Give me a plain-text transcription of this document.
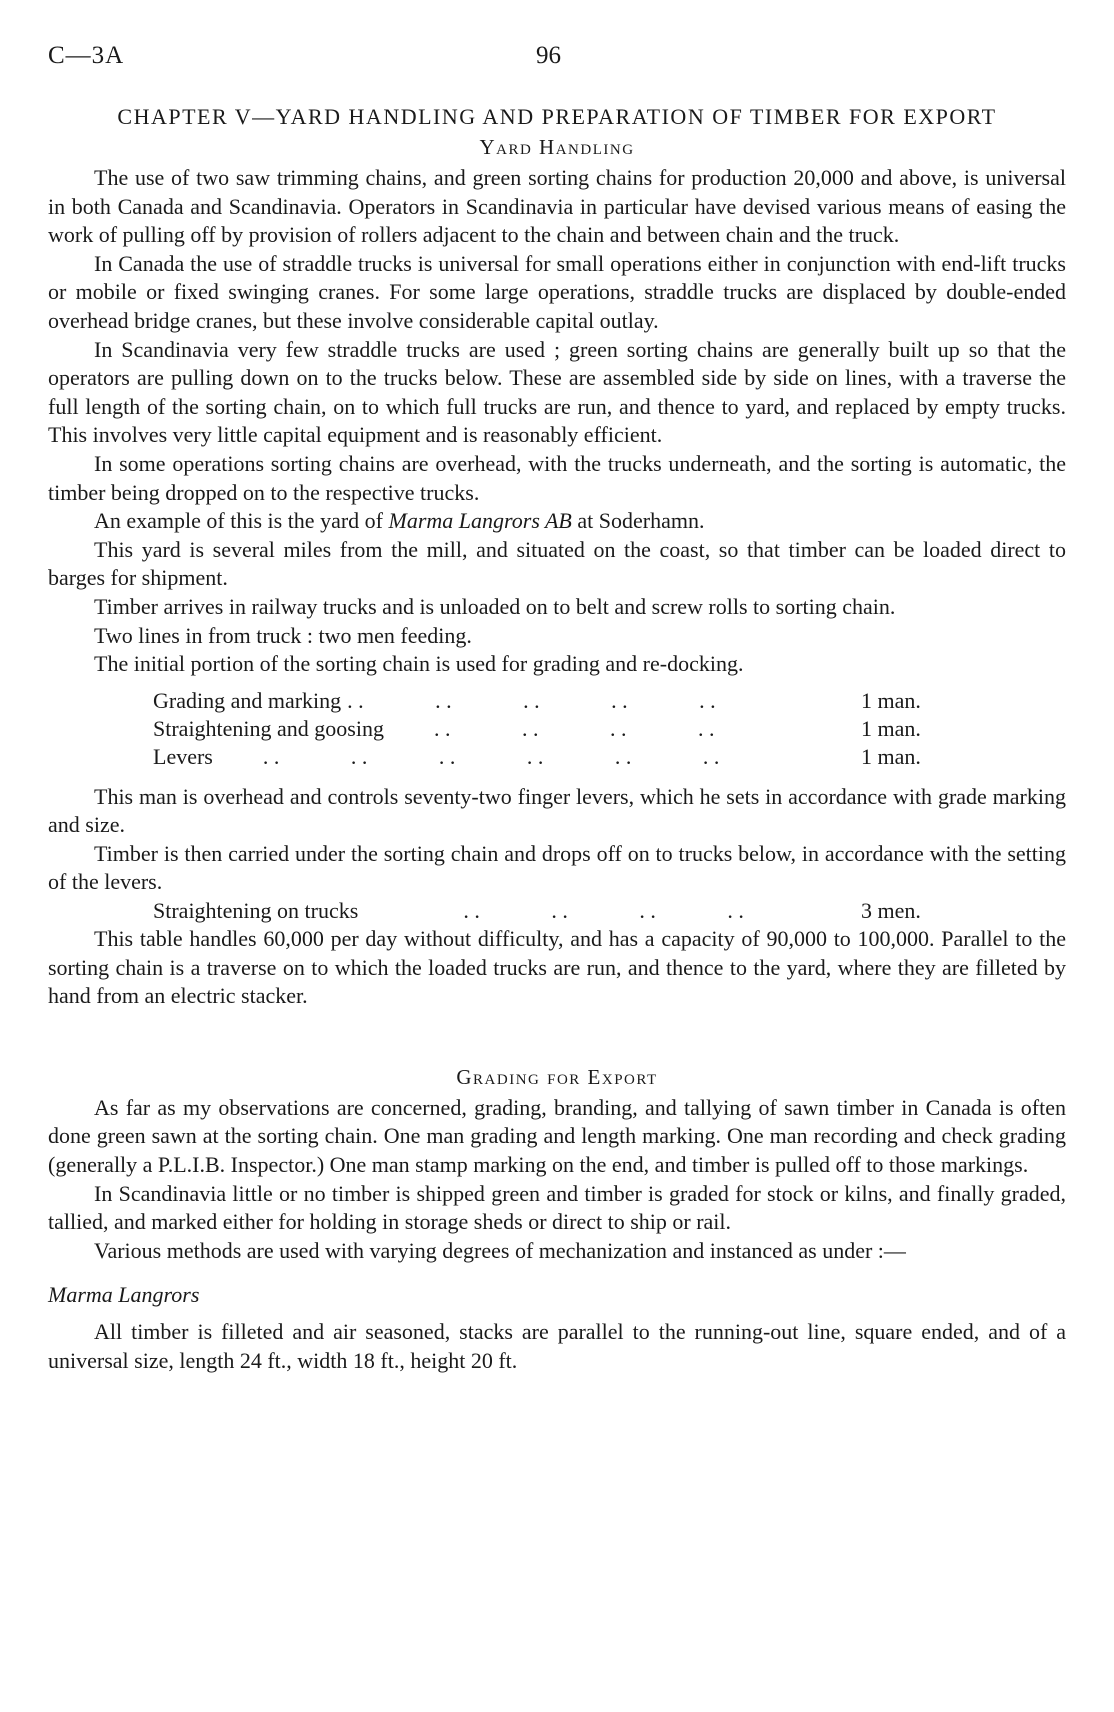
C—3A	96
CHAPTER V—YARD HANDLING AND PREPARATION OF TIMBER FOR EXPORT
Yard Handling

The use of two saw trimming chains, and green sorting chains for production 20,000 and above, is universal in both Canada and Scandinavia. Operators in Scandinavia in particular have devised various means of easing the work of pulling off by provision of rollers adjacent to the chain and between chain and the truck.

In Canada the use of straddle trucks is universal for small operations either in conjunction with end-lift trucks or mobile or fixed swinging cranes. For some large operations, straddle trucks are displaced by double-ended overhead bridge cranes, but these involve considerable capital outlay.

In Scandinavia very few straddle trucks are used ; green sorting chains are generally built up so that the operators are pulling down on to the trucks below. These are assembled side by side on lines, with a traverse the full length of the sorting chain, on to which full trucks are run, and thence to yard, and replaced by empty trucks. This involves very little capital equipment and is reasonably efficient.

In some operations sorting chains are overhead, with the trucks underneath, and the sorting is automatic, the timber being dropped on to the respective trucks.

An example of this is the yard of Marma Langrors AB at Soderhamn.

This yard is several miles from the mill, and situated on the coast, so that timber can be loaded direct to barges for shipment.

Timber arrives in railway trucks and is unloaded on to belt and screw rolls to sorting chain.

Two lines in from truck : two men feeding.

The initial portion of the sorting chain is used for grading and re-docking.

Grading and marking . .             . .             . .             . .             . .	1 man.
Straightening and goosing . .             . .             . .             . .	1 man.
Levers . .             . .             . .             . .             . .             . .	1 man.

This man is overhead and controls seventy-two finger levers, which he sets in accordance with grade marking and size.

Timber is then carried under the sorting chain and drops off on to trucks below, in accordance with the setting of the levers.

Straightening on trucks . .             . .             . .             . .	3 men.

This table handles 60,000 per day without difficulty, and has a capacity of 90,000 to 100,000. Parallel to the sorting chain is a traverse on to which the loaded trucks are run, and thence to the yard, where they are filleted by hand from an electric stacker.

Grading for Export

As far as my observations are concerned, grading, branding, and tallying of sawn timber in Canada is often done green sawn at the sorting chain. One man grading and length marking. One man recording and check grading (generally a P.L.I.B. Inspector.) One man stamp marking on the end, and timber is pulled off to those markings.

In Scandinavia little or no timber is shipped green and timber is graded for stock or kilns, and finally graded, tallied, and marked either for holding in storage sheds or direct to ship or rail.

Various methods are used with varying degrees of mechanization and instanced as under :—

Marma Langrors

All timber is filleted and air seasoned, stacks are parallel to the running-out line, square ended, and of a universal size, length 24 ft., width 18 ft., height 20 ft.
